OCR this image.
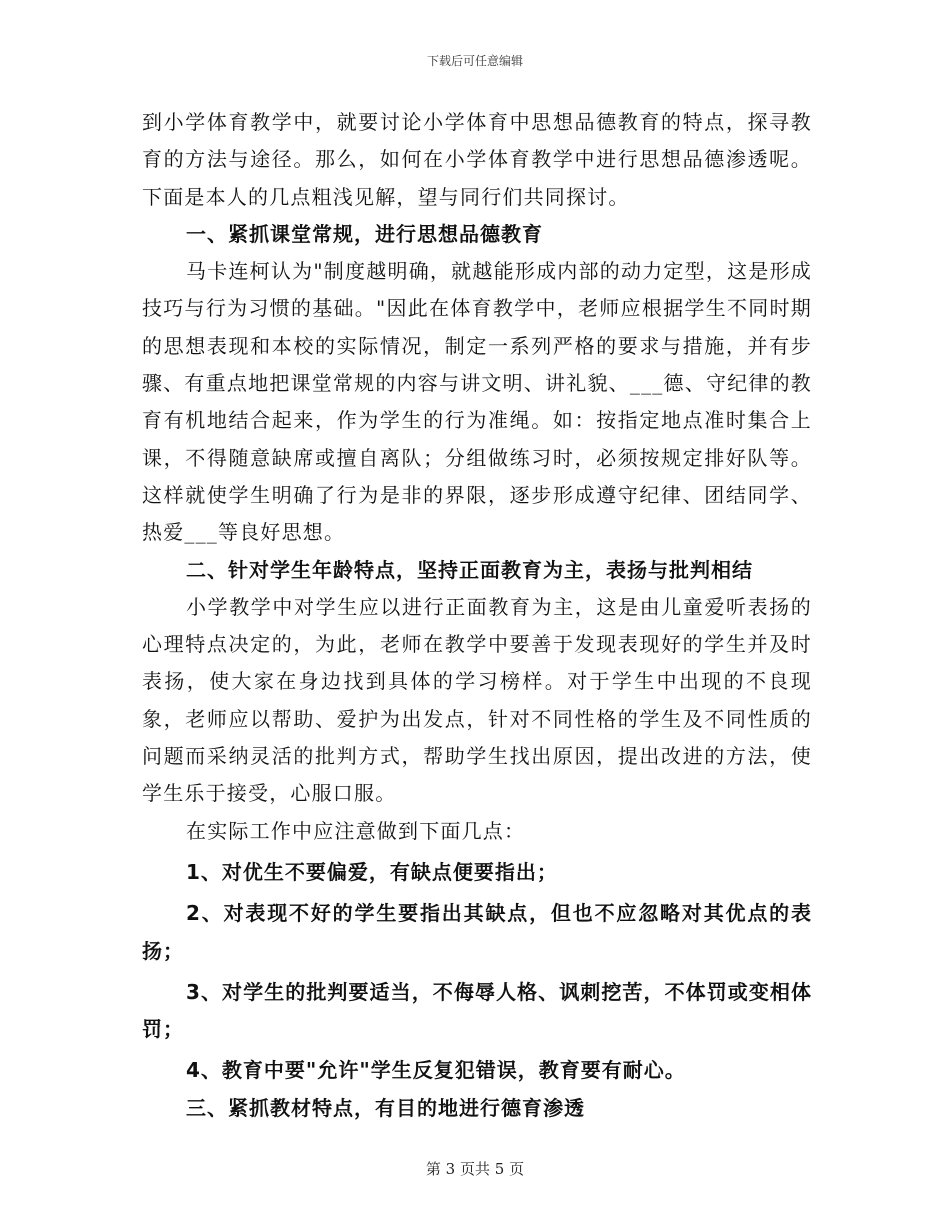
下载后可任意编辑

到小学体育教学中，就要讨论小学体育中思想品德教育的特点，探寻教育的方法与途径。那么，如何在小学体育教学中进行思想品德渗透呢。下面是本人的几点粗浅见解，望与同行们共同探讨。

一、紧抓课堂常规，进行思想品德教育

马卡连柯认为"制度越明确，就越能形成内部的动力定型，这是形成技巧与行为习惯的基础。"因此在体育教学中，老师应根据学生不同时期的思想表现和本校的实际情况，制定一系列严格的要求与措施，并有步骤、有重点地把课堂常规的内容与讲文明、讲礼貌、___德、守纪律的教育有机地结合起来，作为学生的行为准绳。如：按指定地点准时集合上课，不得随意缺席或擅自离队；分组做练习时，必须按规定排好队等。这样就使学生明确了行为是非的界限，逐步形成遵守纪律、团结同学、热爱___等良好思想。

二、针对学生年龄特点，坚持正面教育为主，表扬与批判相结

小学教学中对学生应以进行正面教育为主，这是由儿童爱听表扬的心理特点决定的，为此，老师在教学中要善于发现表现好的学生并及时表扬，使大家在身边找到具体的学习榜样。对于学生中出现的不良现象，老师应以帮助、爱护为出发点，针对不同性格的学生及不同性质的问题而采纳灵活的批判方式，帮助学生找出原因，提出改进的方法，使学生乐于接受，心服口服。

在实际工作中应注意做到下面几点：

1、对优生不要偏爱，有缺点便要指出；

2、对表现不好的学生要指出其缺点，但也不应忽略对其优点的表扬；

3、对学生的批判要适当，不侮辱人格、讽刺挖苦，不体罚或变相体罚；

4、教育中要"允许"学生反复犯错误，教育要有耐心。

三、紧抓教材特点，有目的地进行德育渗透

第 3 页共 5 页
